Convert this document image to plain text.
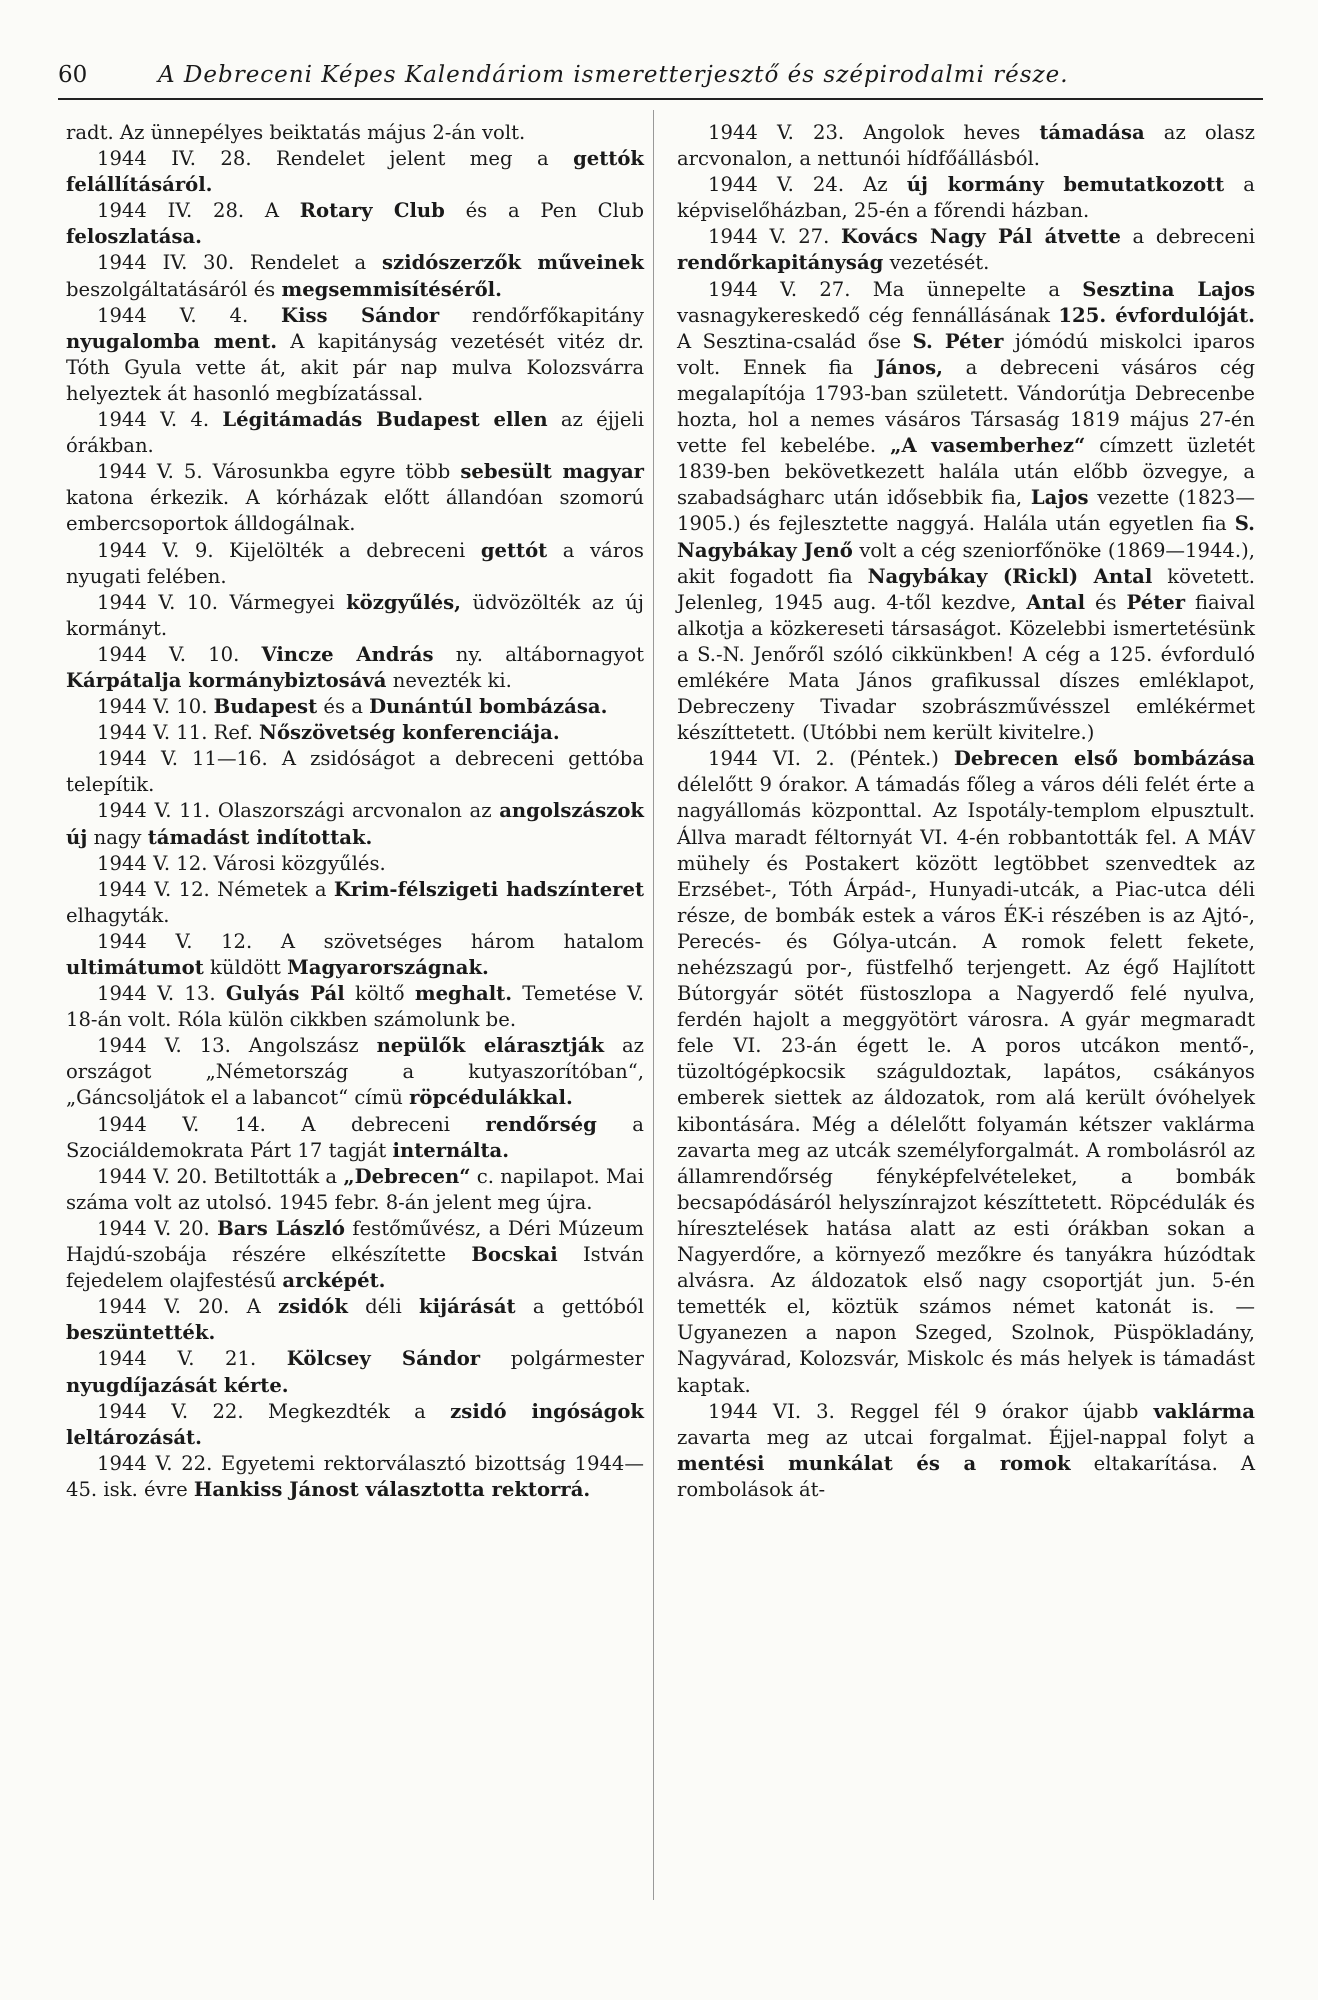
60	A Debreceni Képes Kalendáriom ismeretterjesztő és szépirodalmi része.

radt. Az ünnepélyes beiktatás május 2-án volt.

1944 IV. 28. Rendelet jelent meg a gettók felállításáról.

1944 IV. 28. A Rotary Club és a Pen Club feloszlatása.

1944 IV. 30. Rendelet a szidószerzők műveinek beszolgáltatásáról és megsemmisítéséről.

1944 V. 4. Kiss Sándor rendőrfőkapitány nyugalomba ment. A kapitányság vezetését vitéz dr. Tóth Gyula vette át, akit pár nap mulva Kolozsvárra helyeztek át hasonló megbízatással.

1944 V. 4. Légitámadás Budapest ellen az éjjeli órákban.

1944 V. 5. Városunkba egyre több sebesült magyar katona érkezik. A kórházak előtt állandóan szomorú embercsoportok álldogálnak.

1944 V. 9. Kijelölték a debreceni gettót a város nyugati felében.

1944 V. 10. Vármegyei közgyűlés, üdvözölték az új kormányt.

1944 V. 10. Vincze András ny. altábornagyot Kárpátalja kormánybiztosává nevezték ki.

1944 V. 10. Budapest és a Dunántúl bombázása.

1944 V. 11. Ref. Nőszövetség konferenciája.

1944 V. 11—16. A zsidóságot a debreceni gettóba telepítik.

1944 V. 11. Olaszországi arcvonalon az angolszászok új nagy támadást indítottak.

1944 V. 12. Városi közgyűlés.

1944 V. 12. Németek a Krim-félszigeti hadszínteret elhagyták.

1944 V. 12. A szövetséges három hatalom ultimátumot küldött Magyarországnak.

1944 V. 13. Gulyás Pál költő meghalt. Temetése V. 18-án volt. Róla külön cikkben számolunk be.

1944 V. 13. Angolszász nepülők elárasztják az országot „Németország a kutyaszorítóban“, „Gáncsoljátok el a labancot“ címü röpcédulákkal.

1944 V. 14. A debreceni rendőrség a Szociáldemokrata Párt 17 tagját internálta.

1944 V. 20. Betiltották a „Debrecen“ c. napilapot. Mai száma volt az utolsó. 1945 febr. 8-án jelent meg újra.

1944 V. 20. Bars László festőművész, a Déri Múzeum Hajdú-szobája részére elkészítette Bocskai István fejedelem olajfestésű arcképét.

1944 V. 20. A zsidók déli kijárását a gettóból beszüntették.

1944 V. 21. Kölcsey Sándor polgármester nyugdíjazását kérte.

1944 V. 22. Megkezdték a zsidó ingóságok leltározását.

1944 V. 22. Egyetemi rektorválasztó bizottság 1944—45. isk. évre Hankiss Jánost választotta rektorrá.

1944 V. 23. Angolok heves támadása az olasz arcvonalon, a nettunói hídfőállásból.

1944 V. 24. Az új kormány bemutatkozott a képviselőházban, 25-én a főrendi házban.

1944 V. 27. Kovács Nagy Pál átvette a debreceni rendőrkapitányság vezetését.

1944 V. 27. Ma ünnepelte a Sesztina Lajos vasnagykereskedő cég fennállásának 125. évfordulóját. A Sesztina-család őse S. Péter jómódú miskolci iparos volt. Ennek fia János, a debreceni vásáros cég megalapítója 1793-ban született. Vándorútja Debrecenbe hozta, hol a nemes vásáros Társaság 1819 május 27-én vette fel kebelébe. „A vasemberhez“ címzett üzletét 1839-ben bekövetkezett halála után előbb özvegye, a szabadságharc után idősebbik fia, Lajos vezette (1823—1905.) és fejlesztette naggyá. Halála után egyetlen fia S. Nagybákay Jenő volt a cég szeniorfőnöke (1869—1944.), akit fogadott fia Nagybákay (Rickl) Antal követett. Jelenleg, 1945 aug. 4-től kezdve, Antal és Péter fiaival alkotja a közkereseti társaságot. Közelebbi ismertetésünk a S.-N. Jenőről szóló cikkünkben! A cég a 125. évforduló emlékére Mata János grafikussal díszes emléklapot, Debreczeny Tivadar szobrászművésszel emlékérmet készíttetett. (Utóbbi nem került kivitelre.)

1944 VI. 2. (Péntek.) Debrecen első bombázása délelőtt 9 órakor. A támadás főleg a város déli felét érte a nagyállomás központtal. Az Ispotály-templom elpusztult. Állva maradt féltornyát VI. 4-én robbantották fel. A MÁV mühely és Postakert között legtöbbet szenvedtek az Erzsébet-, Tóth Árpád-, Hunyadi-utcák, a Piac-utca déli része, de bombák estek a város ÉK-i részében is az Ajtó-, Perecés- és Gólya-utcán. A romok felett fekete, nehézszagú por-, füstfelhő terjengett. Az égő Hajlított Bútorgyár sötét füstoszlopa a Nagyerdő felé nyulva, ferdén hajolt a meggyötört városra. A gyár megmaradt fele VI. 23-án égett le. A poros utcákon mentő-, tüzoltógépkocsik száguldoztak, lapátos, csákányos emberek siettek az áldozatok, rom alá került óvóhelyek kibontására. Még a délelőtt folyamán kétszer vaklárma zavarta meg az utcák személyforgalmát. A rombolásról az államrendőrség fényképfelvételeket, a bombák becsapódásáról helyszínrajzot készíttetett. Röpcédulák és híresztelések hatása alatt az esti órákban sokan a Nagyerdőre, a környező mezőkre és tanyákra húzódtak alvásra. Az áldozatok első nagy csoportját jun. 5-én temették el, köztük számos német katonát is. — Ugyanezen a napon Szeged, Szolnok, Püspökladány, Nagyvárad, Kolozsvár, Miskolc és más helyek is támadást kaptak.

1944 VI. 3. Reggel fél 9 órakor újabb vaklárma zavarta meg az utcai forgalmat. Éjjel-nappal folyt a mentési munkálat és a romok eltakarítása. A rombolások át-
